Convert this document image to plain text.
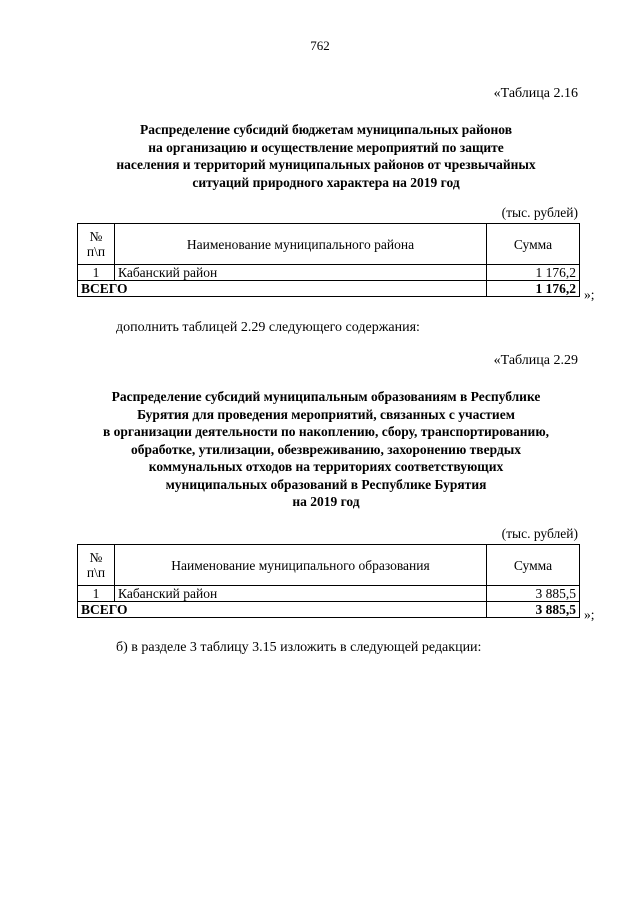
762
«Таблица 2.16
Распределение субсидий бюджетам муниципальных районов
на организацию и осуществление мероприятий по защите
населения и территорий муниципальных районов от чрезвычайных
ситуаций природного характера на 2019 год
(тыс. рублей)
№
п\п	Наименование муниципального района	Сумма
1	Кабанский район	1 176,2
ВСЕГО		1 176,2 »;
дополнить таблицей 2.29 следующего содержания:
«Таблица 2.29
Распределение субсидий муниципальным образованиям в Республике
Бурятия для проведения мероприятий, связанных с участием
в организации деятельности по накоплению, сбору, транспортированию,
обработке, утилизации, обезвреживанию, захоронению твердых
коммунальных отходов на территориях соответствующих
муниципальных образований в Республике Бурятия
на 2019 год
(тыс. рублей)
№
п\п	Наименование муниципального образования	Сумма
1	Кабанский район	3 885,5
ВСЕГО		3 885,5 »;
б) в разделе 3 таблицу 3.15 изложить в следующей редакции:
